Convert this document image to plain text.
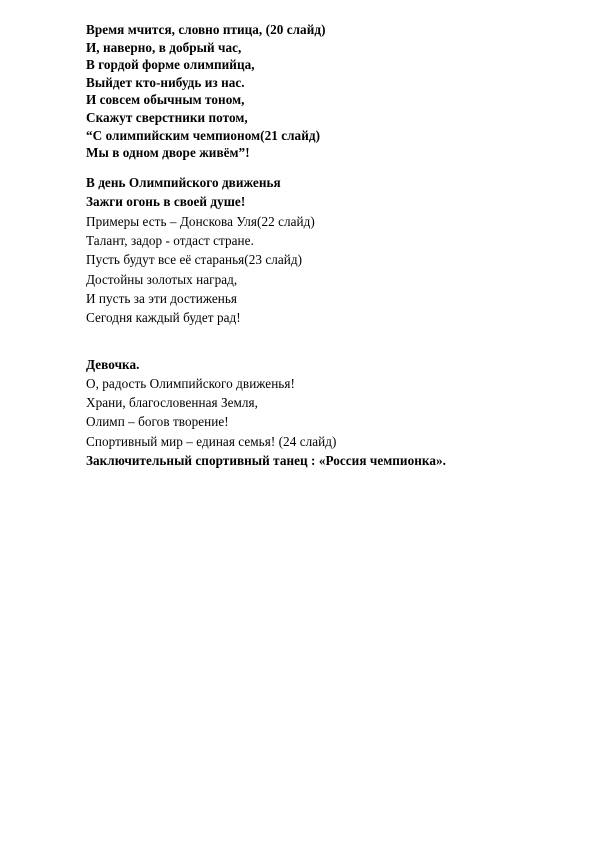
Время мчится, словно птица, (20 слайд)
И, наверно, в добрый час,
В гордой форме олимпийца,
Выйдет кто-нибудь из нас.
И совсем обычным тоном,
Скажут сверстники потом,
“С олимпийским чемпионом(21 слайд)
Мы в одном дворе живём”!
В день Олимпийского движенья
Зажги огонь в своей душе!
Примеры есть – Донскова Уля(22 слайд)
Талант, задор - отдаст стране.
Пусть будут все её старанья(23 слайд)
Достойны золотых наград,
И пусть за эти достиженья
Сегодня каждый будет рад!
Девочка.
О, радость Олимпийского движенья!
Храни, благословенная Земля,
Олимп – богов творение!
Спортивный мир – единая семья! (24 слайд)
Заключительный спортивный танец : «Россия чемпионка».
